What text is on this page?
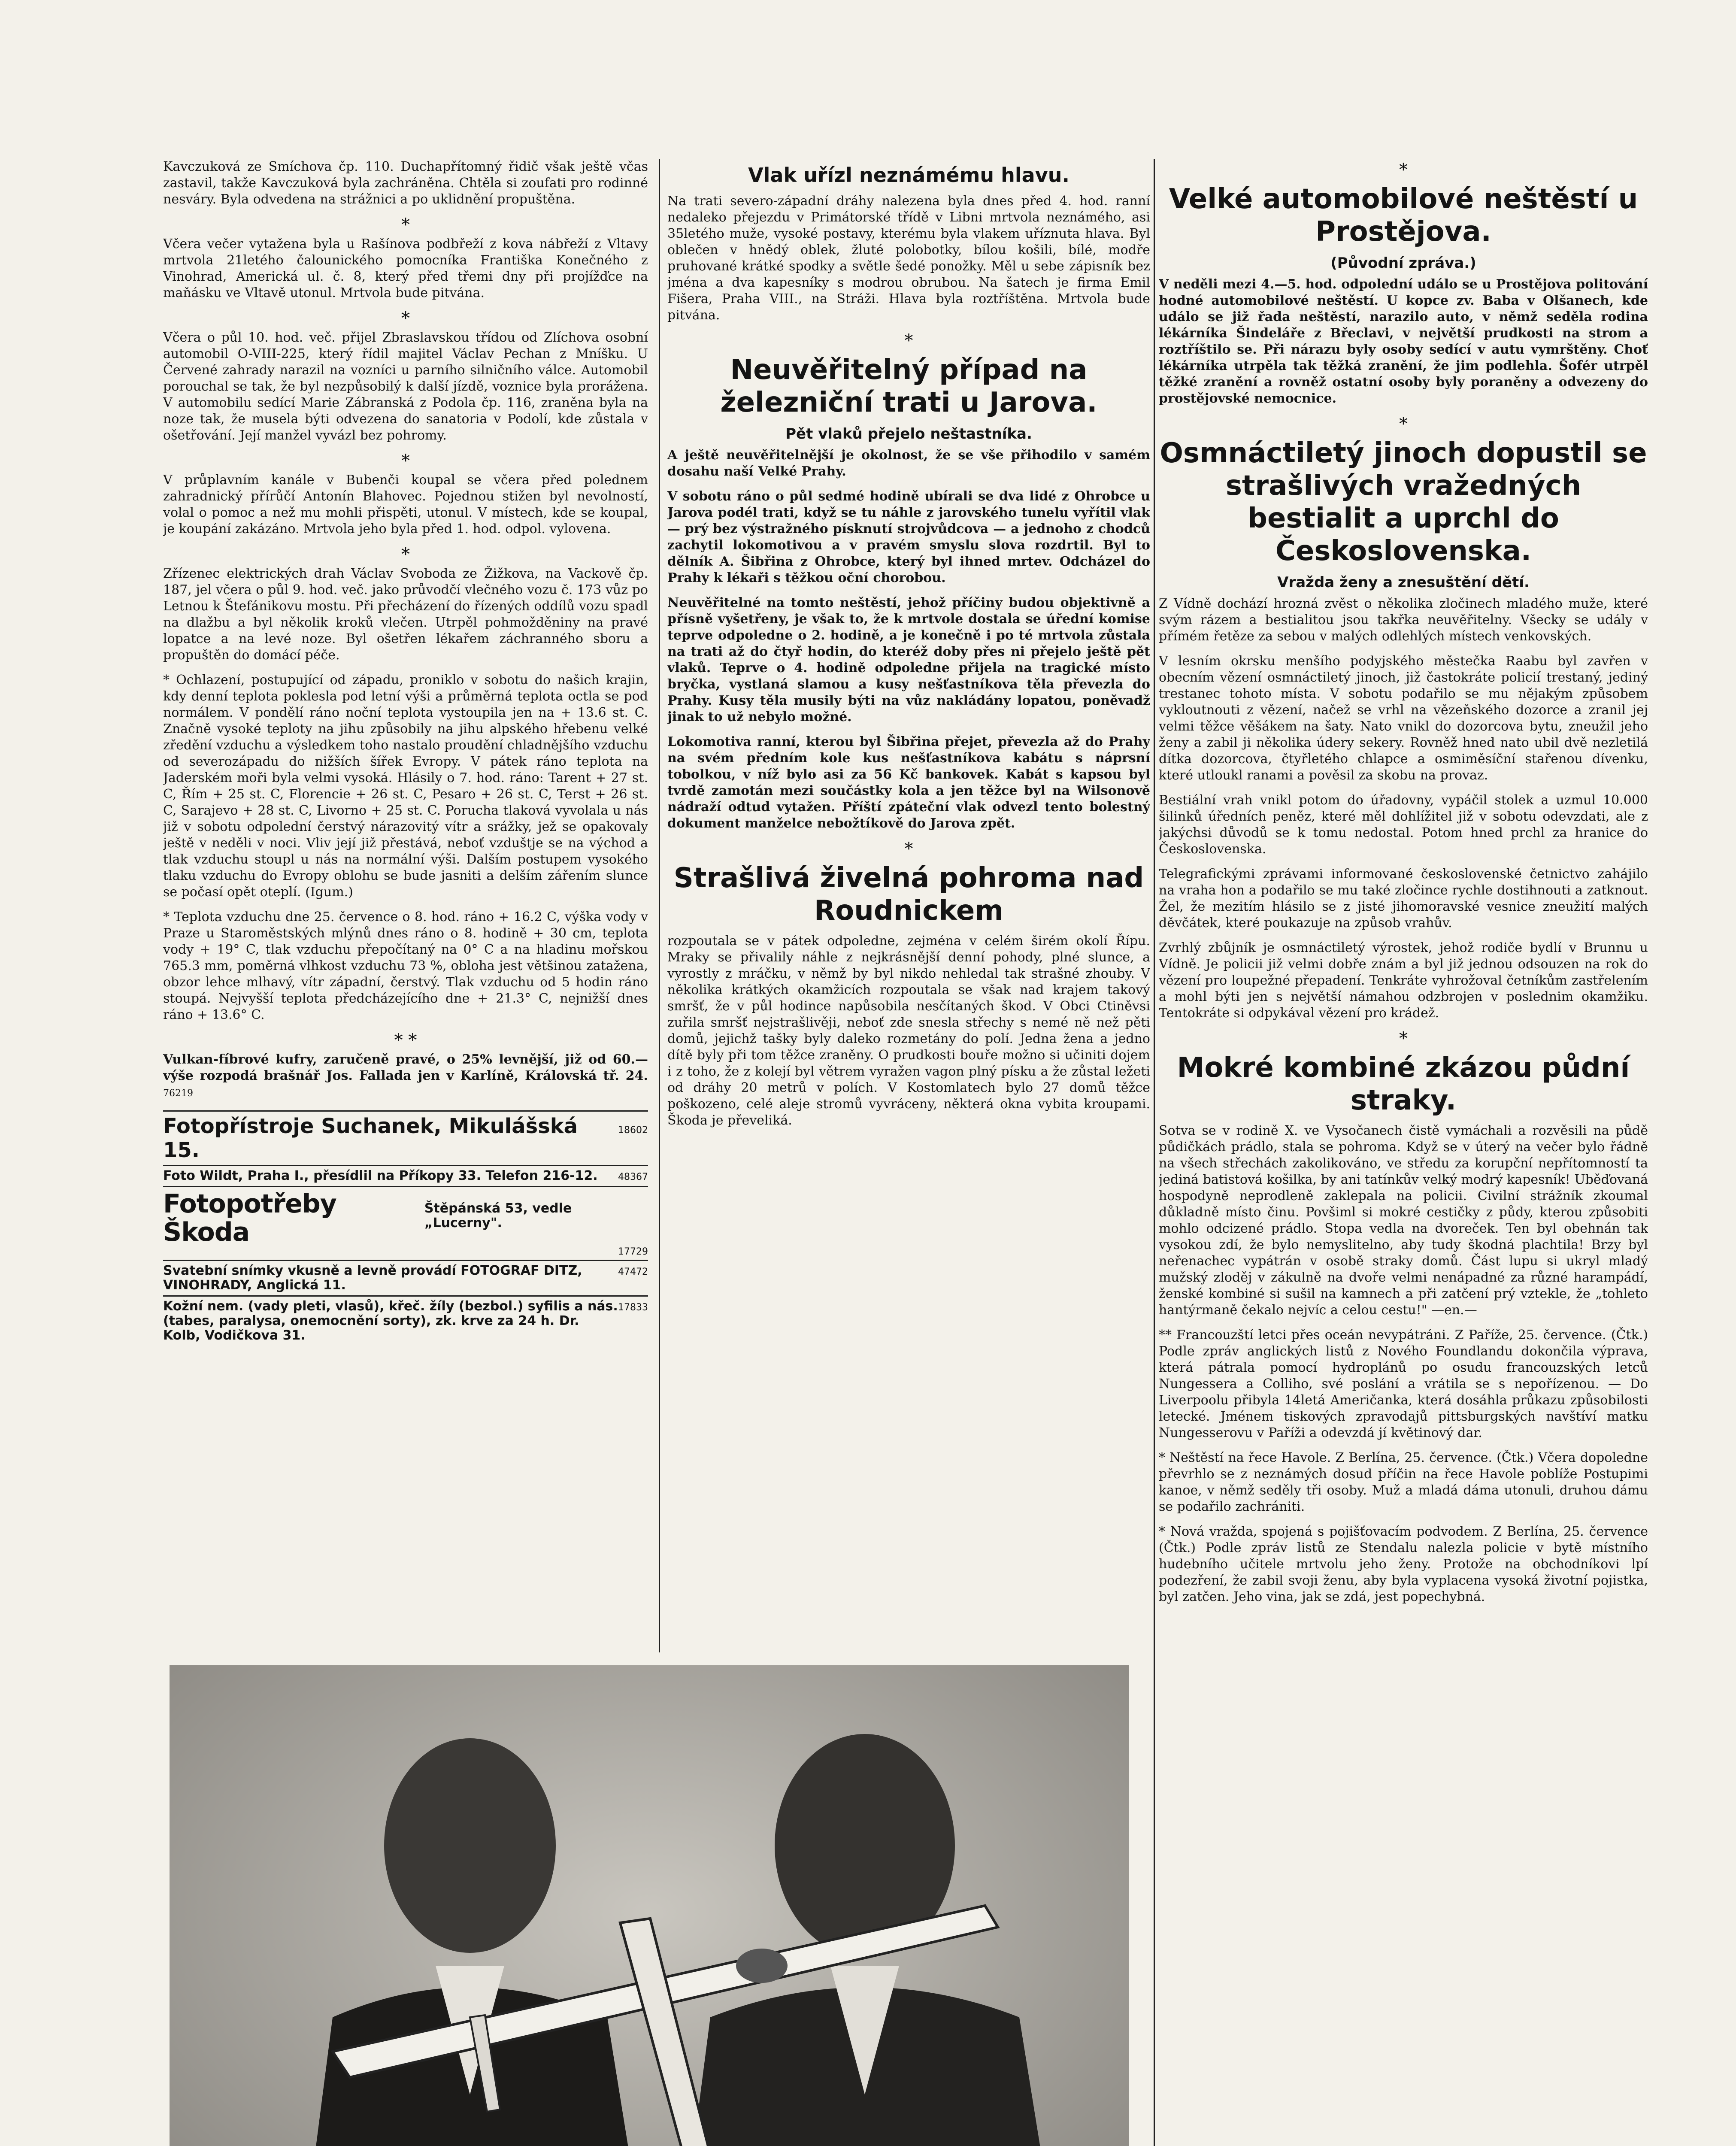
Kavczuková ze Smíchova čp. 110. Duchapřítomný řidič však ještě včas zastavil, takže Kavczuková byla zachráněna. Chtěla si zoufati pro rodinné nesváry. Byla odvedena na strážnici a po uklidnění propuštěna.

*

Včera večer vytažena byla u Rašínova podbřeží z kova nábřeží z Vltavy mrtvola 21letého čalounického pomocníka Františka Konečného z Vinohrad, Americká ul. č. 8, který před třemi dny při projížďce na maňásku ve Vltavě utonul. Mrtvola bude pitvána.

*

Včera o půl 10. hod. več. přijel Zbraslavskou třídou od Zlíchova osobní automobil O-VIII-225, který řídil majitel Václav Pechan z Mníšku. U Červené zahrady narazil na vozníci u parního silničního válce. Automobil porouchal se tak, že byl nezpůsobilý k další jízdě, voznice byla prorážena. V automobilu sedící Marie Zábranská z Podola čp. 116, zraněna byla na noze tak, že musela býti odvezena do sanatoria v Podolí, kde zůstala v ošetřování. Její manžel vyvázl bez pohromy.

*

V průplavním kanále v Bubenči koupal se včera před polednem zahradnický přírůčí Antonín Blahovec. Pojednou stižen byl nevolností, volal o pomoc a než mu mohli přispěti, utonul. V místech, kde se koupal, je koupání zakázáno. Mrtvola jeho byla před 1. hod. odpol. vylovena.

*

Zřízenec elektrických drah Václav Svoboda ze Žižkova, na Vackově čp. 187, jel včera o půl 9. hod. več. jako průvodčí vlečného vozu č. 173 vůz po Letnou k Štefánikovu mostu. Při přecházení do řízených oddílů vozu spadl na dlažbu a byl několik kroků vlečen. Utrpěl pohmožděniny na pravé lopatce a na levé noze. Byl ošetřen lékařem záchranného sboru a propuštěn do domácí péče.

* Ochlazení, postupující od západu, proniklo v sobotu do našich krajin, kdy denní teplota poklesla pod letní výši a průměrná teplota octla se pod normálem. V pondělí ráno noční teplota vystoupila jen na + 13.6 st. C. Značně vysoké teploty na jihu způsobily na jihu alpského hřebenu velké zředění vzduchu a výsledkem toho nastalo proudění chladnějšího vzduchu od severozápadu do nižších šířek Evropy. V pátek ráno teplota na Jaderském moři byla velmi vysoká. Hlásily o 7. hod. ráno: Tarent + 27 st. C, Řím + 25 st. C, Florencie + 26 st. C, Pesaro + 26 st. C, Terst + 26 st. C, Sarajevo + 28 st. C, Livorno + 25 st. C. Porucha tlaková vyvolala u nás již v sobotu odpolední čerstvý nárazovitý vítr a srážky, jež se opakovaly ještě v neděli v noci. Vliv její již přestává, neboť vzduštje se na východ a tlak vzduchu stoupl u nás na normální výši. Dalším postupem vysokého tlaku vzduchu do Evropy oblohu se bude jasniti a delším zářením slunce se počasí opět oteplí. (Igum.)

* Teplota vzduchu dne 25. července o 8. hod. ráno + 16.2 C, výška vody v Praze u Staroměstských mlýnů dnes ráno o 8. hodině + 30 cm, teplota vody + 19° C, tlak vzduchu přepočítaný na 0° C a na hladinu mořskou 765.3 mm, poměrná vlhkost vzduchu 73 %, obloha jest většinou zatažena, obzor lehce mlhavý, vítr západní, čerstvý. Tlak vzduchu od 5 hodin ráno stoupá. Nejvyšší teplota předcházejícího dne + 21.3° C, nejnižší dnes ráno + 13.6° C.

* *

Vulkan-fíbrové kufry, zaručeně pravé, o 25% levnější, již od 60.— výše rozpodá brašnář Jos. Fallada jen v Karlíně, Královská tř. 24. 76219

Fotopřístroje Suchanek, Mikulášská 15.
18602
Foto Wildt, Praha I., přesídlil na Příkopy 33. Telefon 216-12. 48367
Fotopotřeby Škoda
Štěpánská 53, vedle „Lucerny".
17729
Svatební snímky vkusně a levně provádí FOTOGRAF DITZ, VINOHRADY, Anglická 11.
47472
Kožní nem. (vady pleti, vlasů), křeč. žíly (bezbol.) syfilis a nás. (tabes, paralysa, onemocnění sorty), zk. krve za 24 h. Dr. Kolb, Vodičkova 31.
17833
Vlak uřízl neznámému hlavu.

Na trati severo-západní dráhy nalezena byla dnes před 4. hod. ranní nedaleko přejezdu v Primátorské třídě v Libni mrtvola neznámého, asi 35letého muže, vysoké postavy, kterému byla vlakem uříznuta hlava. Byl oblečen v hnědý oblek, žluté polobotky, bílou košili, bílé, modře pruhované krátké spodky a světle šedé ponožky. Měl u sebe zápisník bez jména a dva kapesníky s modrou obrubou. Na šatech je firma Emil Fišera, Praha VIII., na Stráži. Hlava byla roztříštěna. Mrtvola bude pitvána.

*
Neuvěřitelný případ na železniční trati u Jarova.
Pět vlaků přejelo neštastníka.

A ještě neuvěřitelnější je okolnost, že se vše přihodilo v samém dosahu naší Velké Prahy.

V sobotu ráno o půl sedmé hodině ubírali se dva lidé z Ohrobce u Jarova podél trati, když se tu náhle z jarovského tunelu vyřítil vlak — prý bez výstražného písknutí strojvůdcova — a jednoho z chodců zachytil lokomotivou a v pravém smyslu slova rozdrtil. Byl to dělník A. Šibřina z Ohrobce, který byl ihned mrtev. Odcházel do Prahy k lékaři s těžkou oční chorobou.

Neuvěřitelné na tomto neštěstí, jehož příčiny budou objektivně a přísně vyšetřeny, je však to, že k mrtvole dostala se úřední komise teprve odpoledne o 2. hodině, a je konečně i po té mrtvola zůstala na trati až do čtyř hodin, do kteréž doby přes ni přejelo ještě pět vlaků. Teprve o 4. hodině odpoledne přijela na tragické místo bryčka, vystlaná slamou a kusy nešťastníkova těla převezla do Prahy. Kusy těla musily býti na vůz nakládány lopatou, poněvadž jinak to už nebylo možné.

Lokomotiva ranní, kterou byl Šibřina přejet, převezla až do Prahy na svém předním kole kus nešťastníkova kabátu s náprsní tobolkou, v níž bylo asi za 56 Kč bankovek. Kabát s kapsou byl tvrdě zamotán mezi součástky kola a jen těžce byl na Wilsonově nádraží odtud vytažen. Příští zpáteční vlak odvezl tento bolestný dokument manželce nebožtíkově do Jarova zpět.

*
Strašlivá živelná pohroma nad Roudnickem

rozpoutala se v pátek odpoledne, zejména v celém širém okolí Řípu. Mraky se přivalily náhle z nejkrásnější denní pohody, plné slunce, a vyrostly z mráčku, v němž by byl nikdo nehledal tak strašné zhouby. V několika krátkých okamžicích rozpoutala se však nad krajem takový smršť, že v půl hodince napůsobila nesčítaných škod. V Obci Ctiněvsi zuřila smršť nejstrašlivěji, neboť zde snesla střechy s nemé ně než pěti domů, jejichž tašky byly daleko rozmetány do polí. Jedna žena a jedno dítě byly při tom těžce zraněny. O prudkosti bouře možno si učiniti dojem i z toho, že z kolejí byl větrem vyražen vagon plný písku a že zůstal ležeti od dráhy 20 metrů v polích. V Kostomlatech bylo 27 domů těžce poškozeno, celé aleje stromů vyvráceny, některá okna vybita kroupami. Škoda je převeliká.

*
Velké automobilové neštěstí u Prostějova.
(Původní zpráva.)

V neděli mezi 4.—5. hod. odpolední událo se u Prostějova politování hodné automobilové neštěstí. U kopce zv. Baba v Olšanech, kde událo se již řada neštěstí, narazilo auto, v němž seděla rodina lékárníka Šindeláře z Břeclavi, v největší prudkosti na strom a roztříštilo se. Při nárazu byly osoby sedící v autu vymrštěny. Choť lékárníka utrpěla tak těžká zranění, že jim podlehla. Šofér utrpěl těžké zranění a rovněž ostatní osoby byly poraněny a odvezeny do prostějovské nemocnice.

*
Osmnáctiletý jinoch dopustil se strašlivých vražedných bestialit a uprchl do Československa.
Vražda ženy a znesuštění dětí.

Z Vídně dochází hrozná zvěst o několika zločinech mladého muže, které svým rázem a bestialitou jsou takřka neuvěřitelny. Všecky se udály v přímém řetěze za sebou v malých odlehlých místech venkovských.

V lesním okrsku menšího podyjského městečka Raabu byl zavřen v obecním vězení osmnáctiletý jinoch, již častokráte policií trestaný, jediný trestanec tohoto místa. V sobotu podařilo se mu nějakým způsobem vykloutnouti z vězení, načež se vrhl na vězeňského dozorce a zranil jej velmi těžce věšákem na šaty. Nato vnikl do dozorcova bytu, zneužil jeho ženy a zabil ji několika údery sekery. Rovněž hned nato ubil dvě nezletilá dítka dozorcova, čtyřletého chlapce a osmiměsíční stařenou dívenku, které utloukl ranami a pověsil za skobu na provaz.

Bestiální vrah vnikl potom do úřadovny, vypáčil stolek a uzmul 10.000 šilinků úředních peněz, které měl dohlížitel již v sobotu odevzdati, ale z jakýchsi důvodů se k tomu nedostal. Potom hned prchl za hranice do Československa.

Telegrafickými zprávami informované československé četnictvo zahájilo na vraha hon a podařilo se mu také zločince rychle dostihnouti a zatknout. Žel, že mezitím hlásilo se z jisté jihomoravské vesnice zneužití malých děvčátek, které poukazuje na způsob vrahův.

Zvrhlý zbůjník je osmnáctiletý výrostek, jehož rodiče bydlí v Brunnu u Vídně. Je policii již velmi dobře znám a byl již jednou odsouzen na rok do vězení pro loupežné přepadení. Tenkráte vyhrožoval četníkům zastřelením a mohl býti jen s největší námahou odzbrojen v poslednim okamžiku. Tentokráte si odpykával vězení pro krádež.

*
Mokré kombiné zkázou půdní straky.

Sotva se v rodině X. ve Vysočanech čistě vymáchali a rozvěsili na půdě půdičkách prádlo, stala se pohroma. Když se v úterý na večer bylo řádně na všech střechách zakolikováno, ve středu za korupční nepřítomností ta jediná batistová košilka, by ani tatínkův velký modrý kapesník! Uběďovaná hospodyně neprodleně zaklepala na policii. Civilní strážník zkoumal důkladně místo činu. Povšiml si mokré cestičky z půdy, kterou způsobiti mohlo odcizené prádlo. Stopa vedla na dvoreček. Ten byl obehnán tak vysokou zdí, že bylo nemyslitelno, aby tudy škodná plachtila! Brzy byl neřenachec vypátrán v osobě straky domů. Část lupu si ukryl mladý mužský zloděj v zákulně na dvoře velmi nenápadné za různé harampádí, ženské kombiné si sušil na kamnech a při zatčení prý vztekle, že „tohleto hantýrmaně čekalo nejvíc a celou cestu!" —en.—

** Francouzští letci přes oceán nevypátráni. Z Paříže, 25. července. (Čtk.) Podle zpráv anglických listů z Nového Foundlandu dokončila výprava, která pátrala pomocí hydroplánů po osudu francouzských letců Nungessera a Colliho, své poslání a vrátila se s nepořízenou. — Do Liverpoolu přibyla 14letá Američanka, která dosáhla průkazu způsobilosti letecké. Jménem tiskových zpravodajů pittsburgských navštíví matku Nungesserovu v Paříži a odevzdá jí květinový dar.

* Neštěstí na řece Havole. Z Berlína, 25. července. (Čtk.) Včera dopoledne převrhlo se z neznámých dosud příčin na řece Havole poblíže Postupimi kanoe, v němž seděly tři osoby. Muž a mladá dáma utonuli, druhou dámu se podařilo zachrániti.

* Nová vražda, spojená s pojišťovacím podvodem. Z Berlína, 25. července (Čtk.) Podle zpráv listů ze Stendalu nalezla policie v bytě místního hudebního učitele mrtvolu jeho ženy. Protože na obchodníkovi lpí podezření, že zabil svoji ženu, aby byla vyplacena vysoká životní pojistka, byl zatčen. Jeho vina, jak se zdá, jest popechybná.
